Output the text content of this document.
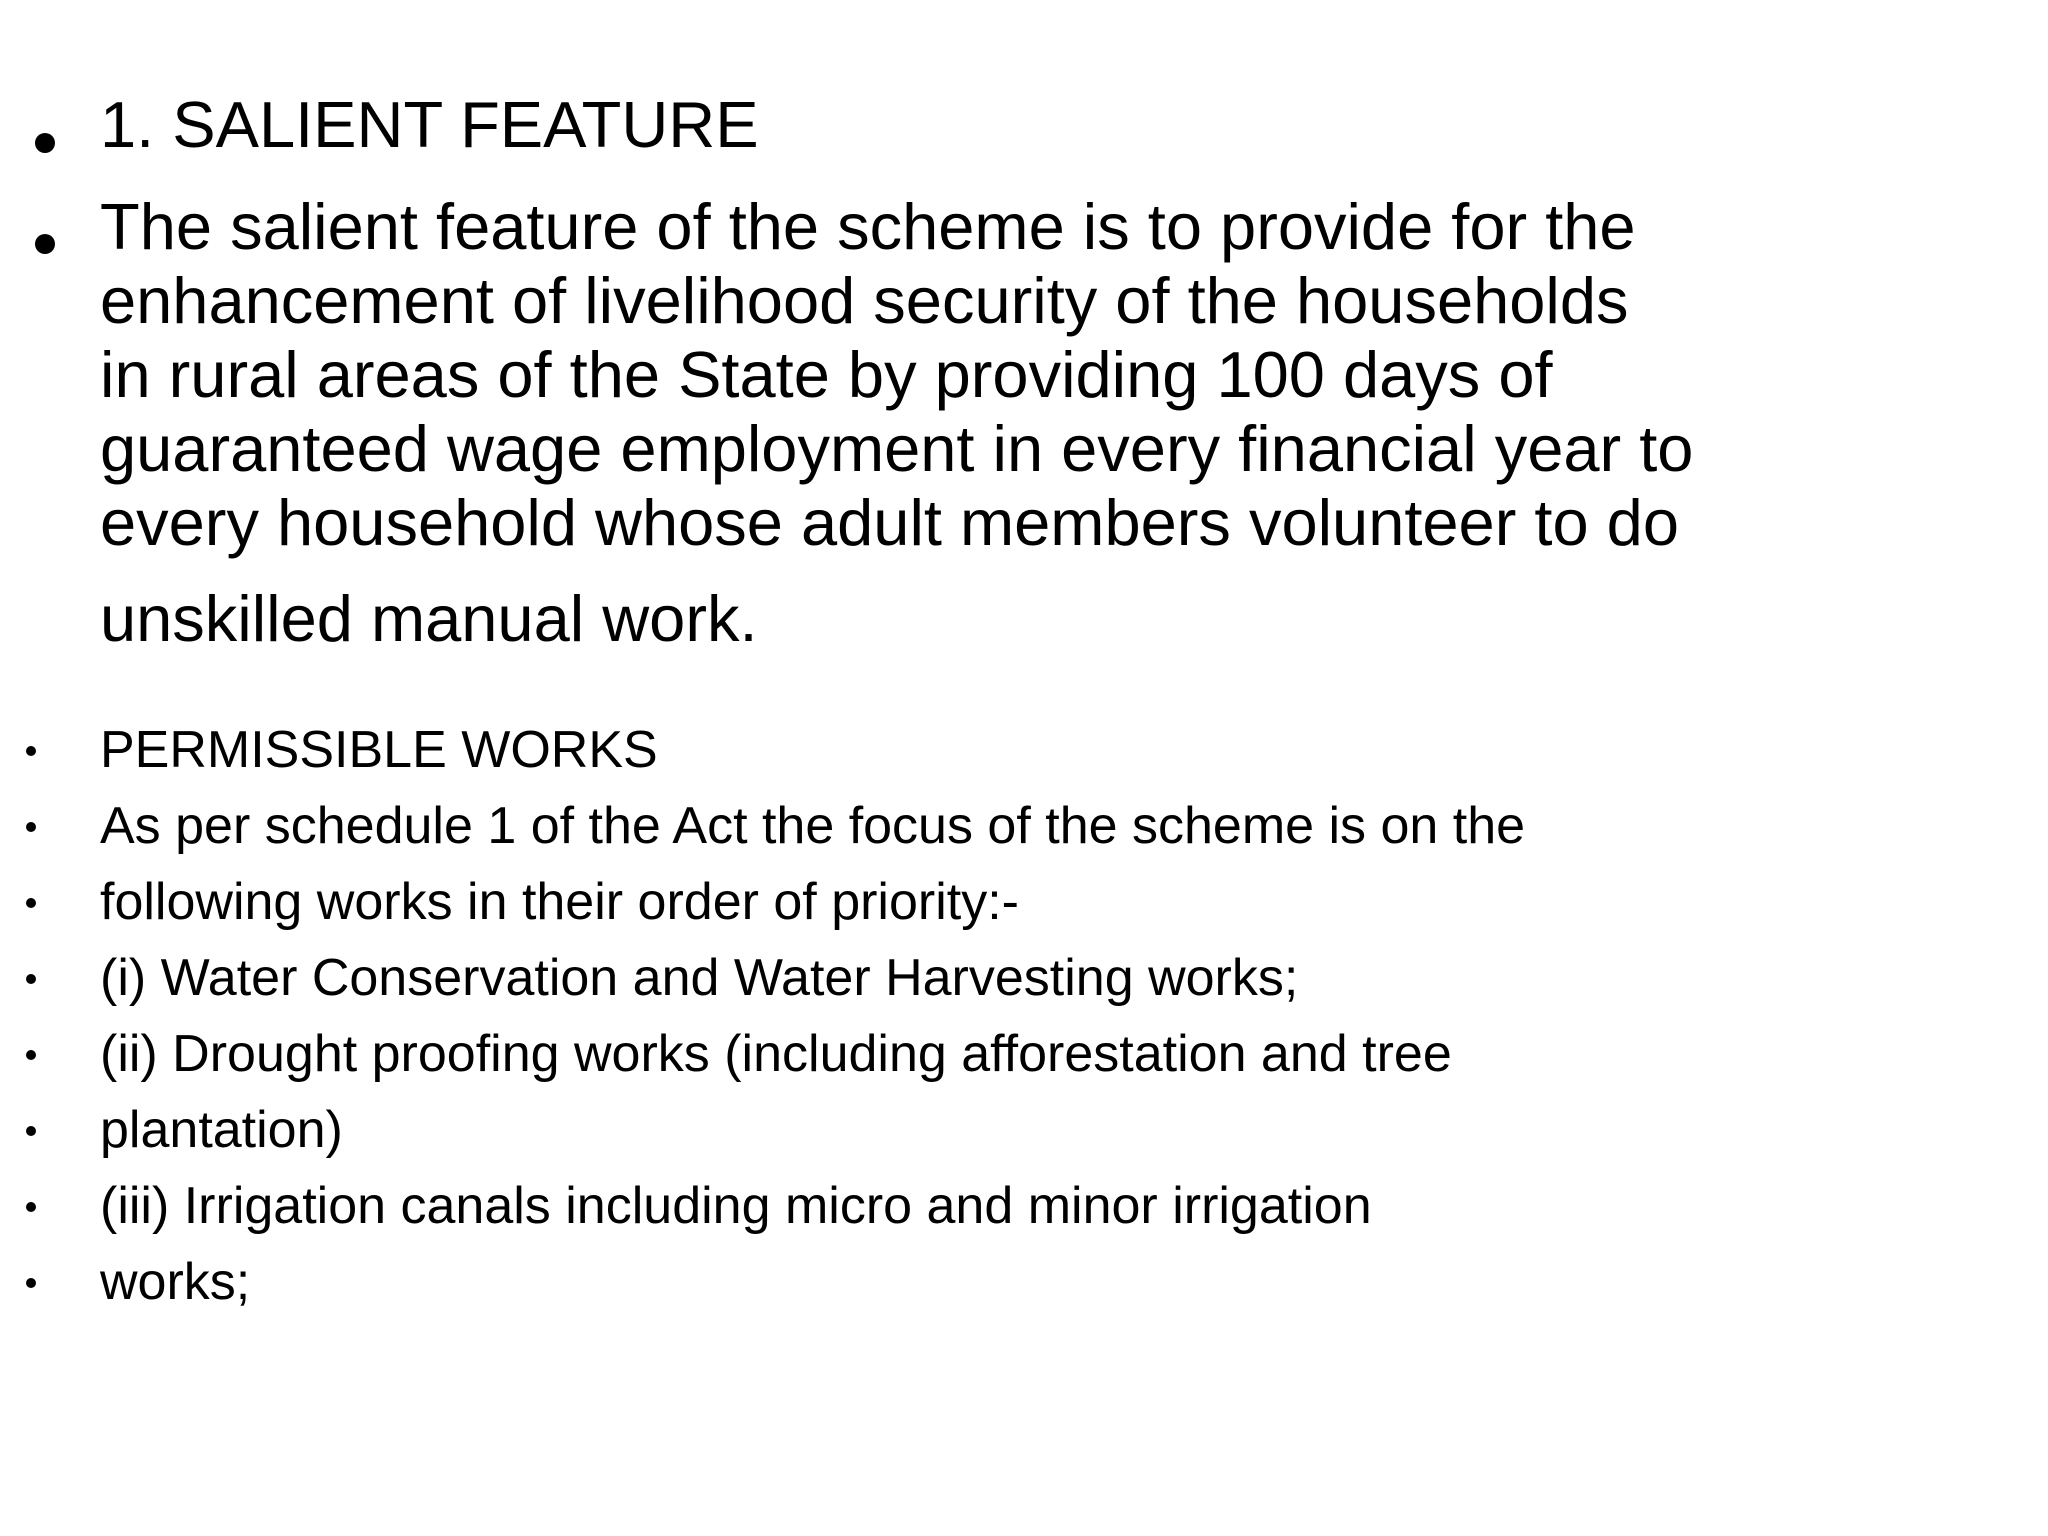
1. SALIENT FEATURE

The salient feature of the scheme is to provide for the
enhancement of livelihood security of the households
in rural areas of the State by providing 100 days of
guaranteed wage employment in every financial year to
every household whose adult members volunteer to do
unskilled manual work.

PERMISSIBLE WORKS

As per schedule 1 of the Act the focus of the scheme is on the

following works in their order of priority:-

(i) Water Conservation and Water Harvesting works;

(ii) Drought proofing works (including afforestation and tree

plantation)

(iii) Irrigation canals including micro and minor irrigation

works;
